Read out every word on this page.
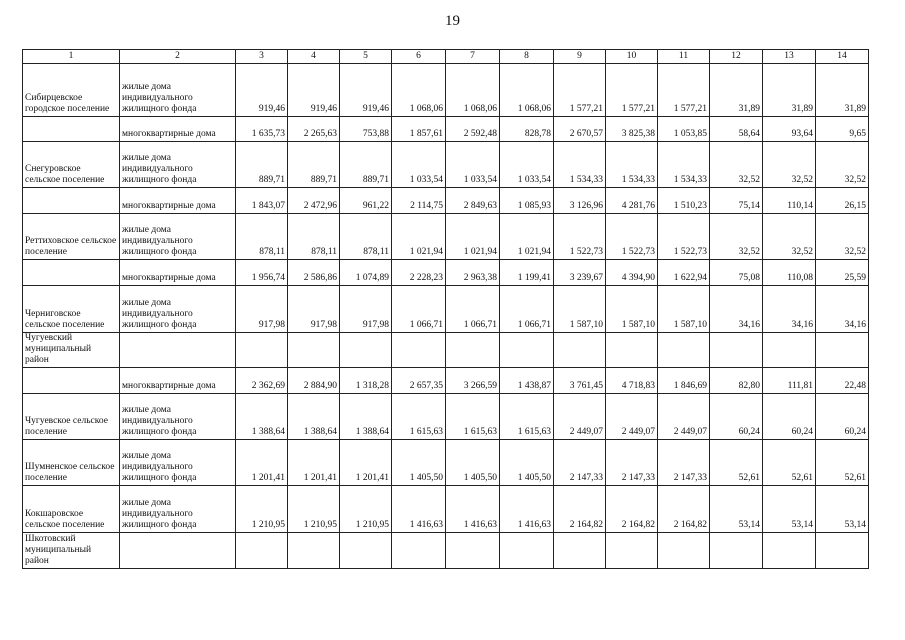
19
1	2	3	4	5	6	7	8	9	10	11	12	13	14
Сибирцевское городское поселение	жилые дома индивидуального жилищного фонда	919,46	919,46	919,46	1 068,06	1 068,06	1 068,06	1 577,21	1 577,21	1 577,21	31,89	31,89	31,89
	многоквартирные дома	1 635,73	2 265,63	753,88	1 857,61	2 592,48	828,78	2 670,57	3 825,38	1 053,85	58,64	93,64	9,65
Снегуровское сельское поселение	жилые дома индивидуального жилищного фонда	889,71	889,71	889,71	1 033,54	1 033,54	1 033,54	1 534,33	1 534,33	1 534,33	32,52	32,52	32,52
	многоквартирные дома	1 843,07	2 472,96	961,22	2 114,75	2 849,63	1 085,93	3 126,96	4 281,76	1 510,23	75,14	110,14	26,15
Реттиховское сельское поселение	жилые дома индивидуального жилищного фонда	878,11	878,11	878,11	1 021,94	1 021,94	1 021,94	1 522,73	1 522,73	1 522,73	32,52	32,52	32,52
	многоквартирные дома	1 956,74	2 586,86	1 074,89	2 228,23	2 963,38	1 199,41	3 239,67	4 394,90	1 622,94	75,08	110,08	25,59
Черниговское сельское поселение	жилые дома индивидуального жилищного фонда	917,98	917,98	917,98	1 066,71	1 066,71	1 066,71	1 587,10	1 587,10	1 587,10	34,16	34,16	34,16
Чугуевский муниципальный район													
	многоквартирные дома	2 362,69	2 884,90	1 318,28	2 657,35	3 266,59	1 438,87	3 761,45	4 718,83	1 846,69	82,80	111,81	22,48
Чугуевское сельское поселение	жилые дома индивидуального жилищного фонда	1 388,64	1 388,64	1 388,64	1 615,63	1 615,63	1 615,63	2 449,07	2 449,07	2 449,07	60,24	60,24	60,24
Шумненское сельское поселение	жилые дома индивидуального жилищного фонда	1 201,41	1 201,41	1 201,41	1 405,50	1 405,50	1 405,50	2 147,33	2 147,33	2 147,33	52,61	52,61	52,61
Кокшаровское сельское поселение	жилые дома индивидуального жилищного фонда	1 210,95	1 210,95	1 210,95	1 416,63	1 416,63	1 416,63	2 164,82	2 164,82	2 164,82	53,14	53,14	53,14
Шкотовский муниципальный район													
